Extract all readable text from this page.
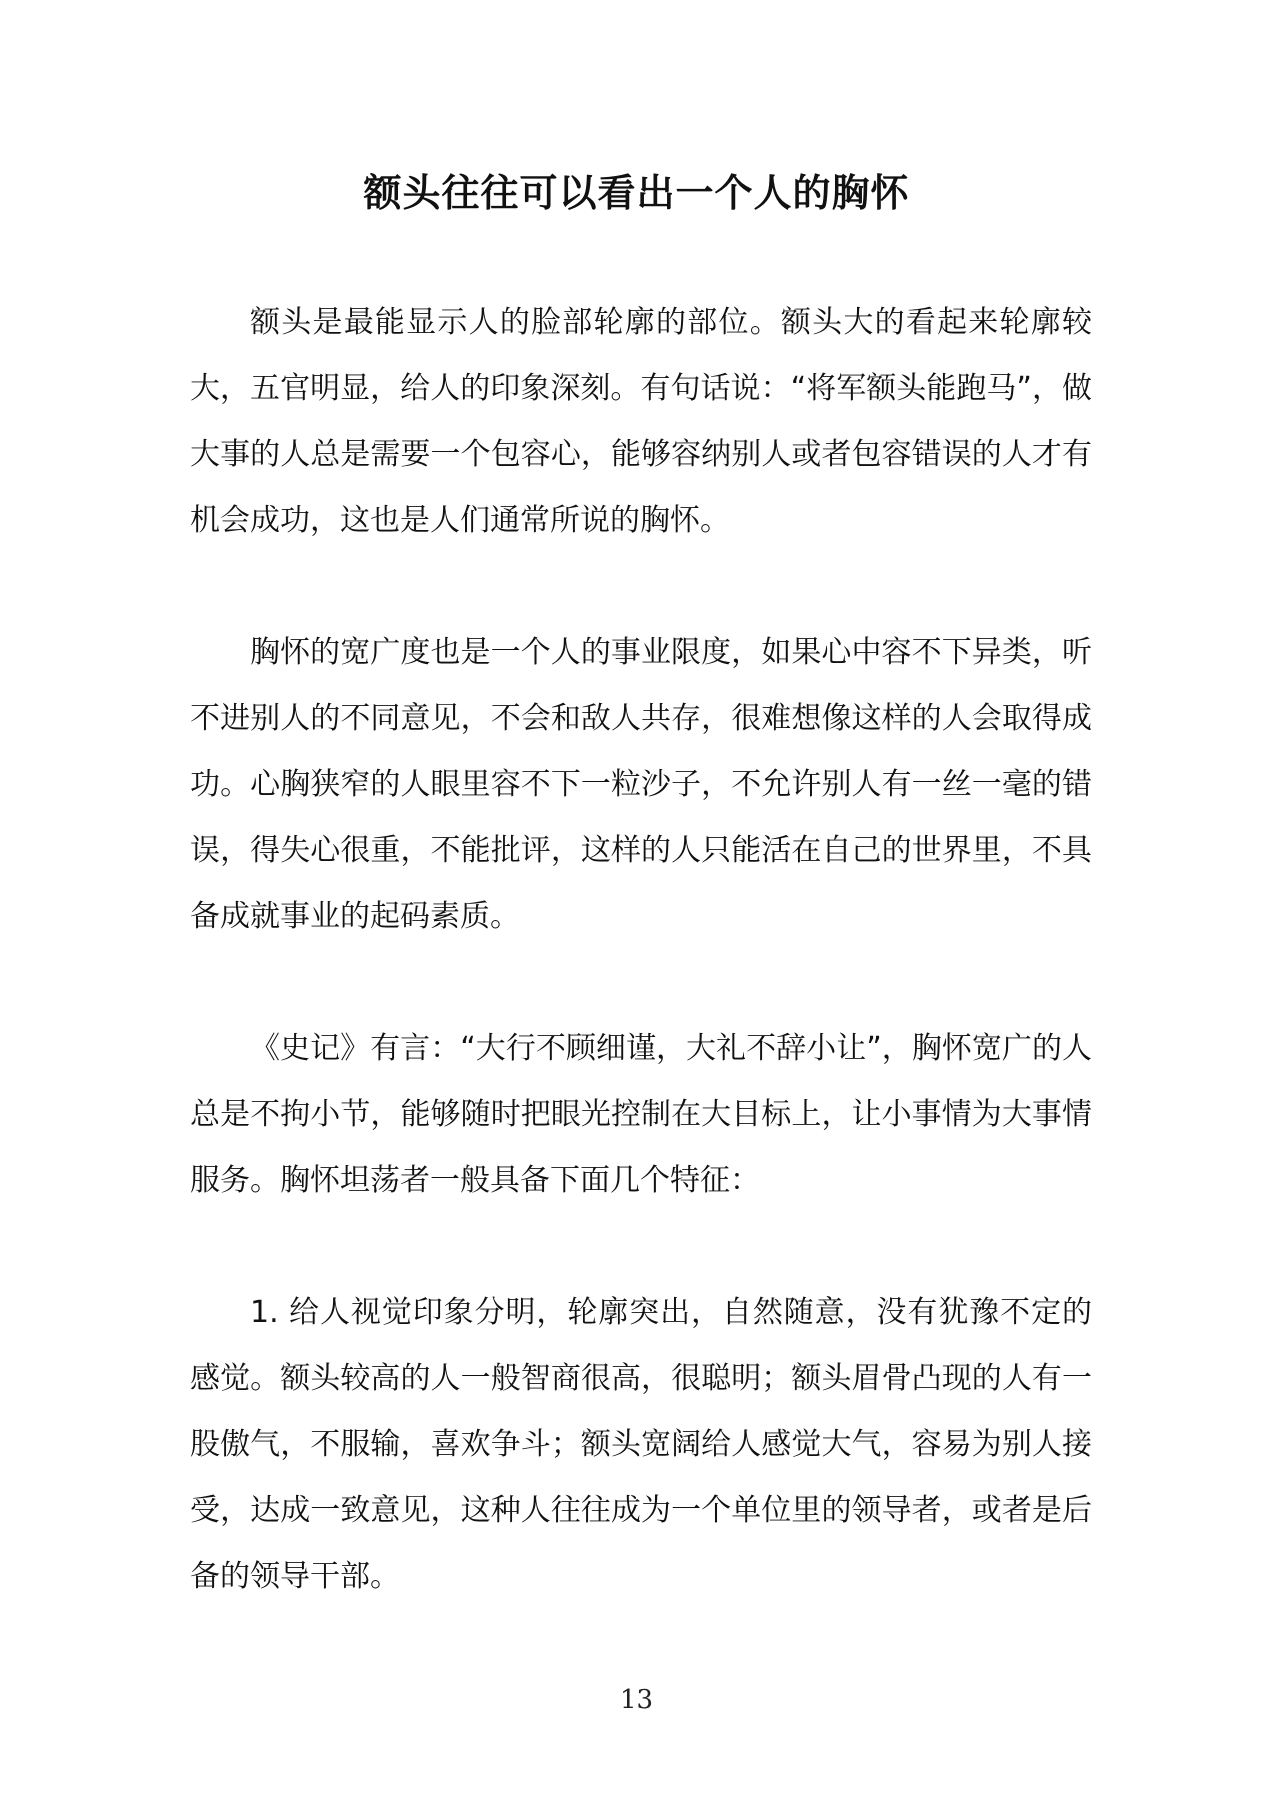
额头往往可以看出一个人的胸怀

额头是最能显示人的脸部轮廓的部位。额头大的看起来轮廓较大，五官明显，给人的印象深刻。有句话说：“将军额头能跑马”，做大事的人总是需要一个包容心，能够容纳别人或者包容错误的人才有机会成功，这也是人们通常所说的胸怀。

胸怀的宽广度也是一个人的事业限度，如果心中容不下异类，听不进别人的不同意见，不会和敌人共存，很难想像这样的人会取得成功。心胸狭窄的人眼里容不下一粒沙子，不允许别人有一丝一毫的错误，得失心很重，不能批评，这样的人只能活在自己的世界里，不具备成就事业的起码素质。

《史记》有言：“大行不顾细谨，大礼不辞小让”，胸怀宽广的人总是不拘小节，能够随时把眼光控制在大目标上，让小事情为大事情服务。胸怀坦荡者一般具备下面几个特征：

1. 给人视觉印象分明，轮廓突出，自然随意，没有犹豫不定的感觉。额头较高的人一般智商很高，很聪明；额头眉骨凸现的人有一股傲气，不服输，喜欢争斗；额头宽阔给人感觉大气，容易为别人接受，达成一致意见，这种人往往成为一个单位里的领导者，或者是后备的领导干部。

13
